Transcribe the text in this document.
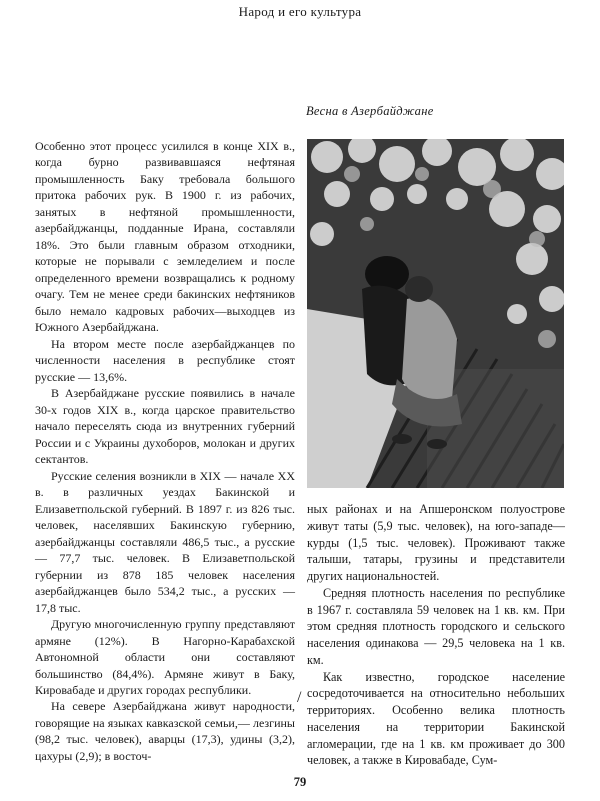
Народ и его культура
Весна в Азербайджане

Особенно этот процесс усилился в конце XIX в., когда бурно развивавшаяся нефтяная промышленность Баку требовала большого притока рабочих рук. В 1900 г. из рабочих, занятых в нефтяной промышленности, азербайджанцы, подданные Ирана, составляли 18%. Это были главным образом отходники, которые не порывали с земледелием и после определенного времени возвращались к родному очагу. Тем не менее среди бакинских нефтяников было немало кадровых рабочих—выходцев из Южного Азербайджана.

На втором месте после азербайджанцев по численности населения в республике стоят русские — 13,6%.

В Азербайджане русские появились в начале 30-х годов XIX в., когда царское правительство начало переселять сюда из внутренних губерний России и с Украины духоборов, молокан и других сектантов.

Русские селения возникли в XIX — начале XX в. в различных уездах Бакинской и Елизаветпольской губерний. В 1897 г. из 826 тыс. человек, населявших Бакинскую губернию, азербайджанцы составляли 486,5 тыс., а русские — 77,7 тыс. человек. В Елизаветпольской губернии из 878 185 человек населения азербайджанцев было 534,2 тыс., а русских — 17,8 тыс.

Другую многочисленную группу представляют армяне (12%). В Нагорно-Карабахской Автономной области они составляют большинство (84,4%). Армяне живут в Баку, Кировабаде и других городах республики.

На севере Азербайджана живут народности, говорящие на языках кавказской семьи,— лезгины (98,2 тыс. человек), аварцы (17,3), удины (3,2), цахуры (2,9); в восточ-

ных районах и на Апшеронском полуострове живут таты (5,9 тыс. человек), на юго-западе—курды (1,5 тыс. человек). Проживают также талыши, татары, грузины и представители других национальностей.

Средняя плотность населения по республике в 1967 г. составляла 59 человек на 1 кв. км. При этом средняя плотность городского и сельского населения одинакова — 29,5 человека на 1 кв. км.

Как известно, городское население сосредоточивается на относительно небольших территориях. Особенно велика плотность населения на территории Бакинской агломерации, где на 1 кв. км проживает до 300 человек, а также в Кировабаде, Сум-

/
79
